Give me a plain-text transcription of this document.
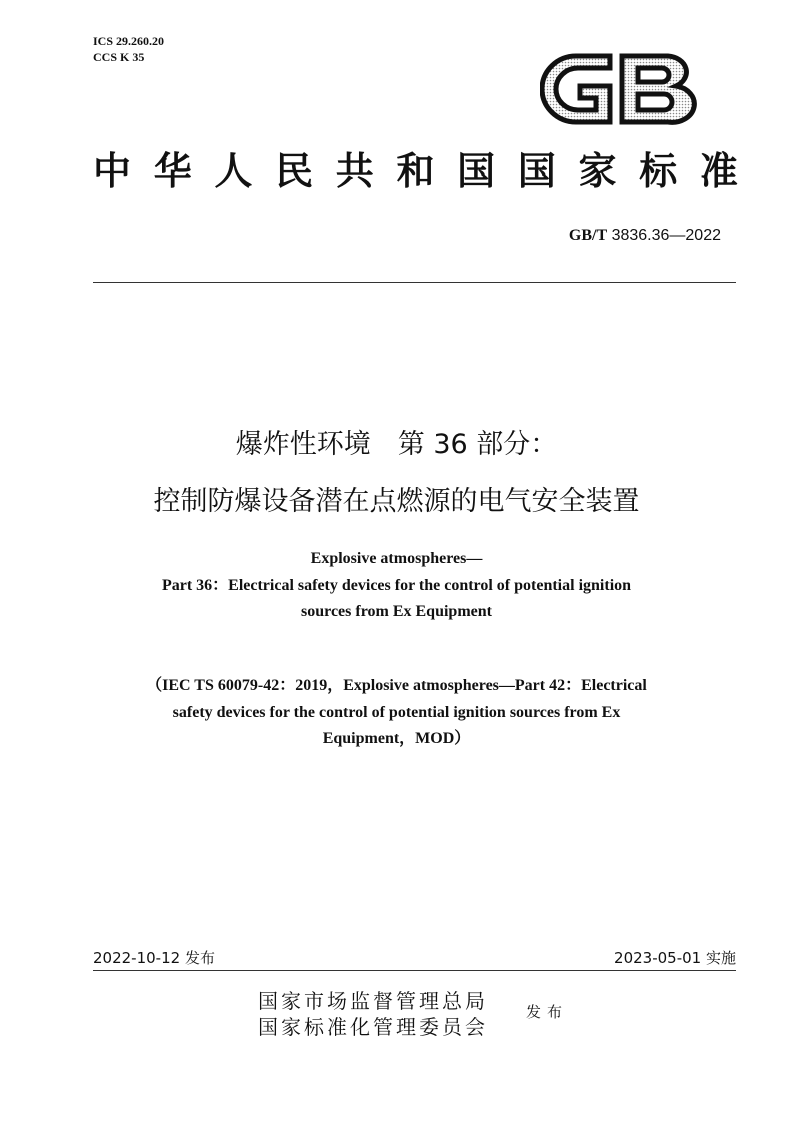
ICS 29.260.20
CCS K 35
中 华 人 民 共 和 国 国 家 标 准
GB/T 3836.36—2022
爆炸性环境　第 36 部分：
控制防爆设备潜在点燃源的电气安全装置
Explosive atmospheres—
Part 36：Electrical safety devices for the control of potential ignition
sources from Ex Equipment
（IEC TS 60079-42：2019，Explosive atmospheres—Part 42：Electrical
safety devices for the control of potential ignition sources from Ex
Equipment，MOD）
2022-10-12 发布	2023-05-01 实施
国家市场监督管理总局
国家标准化管理委员会
发布
